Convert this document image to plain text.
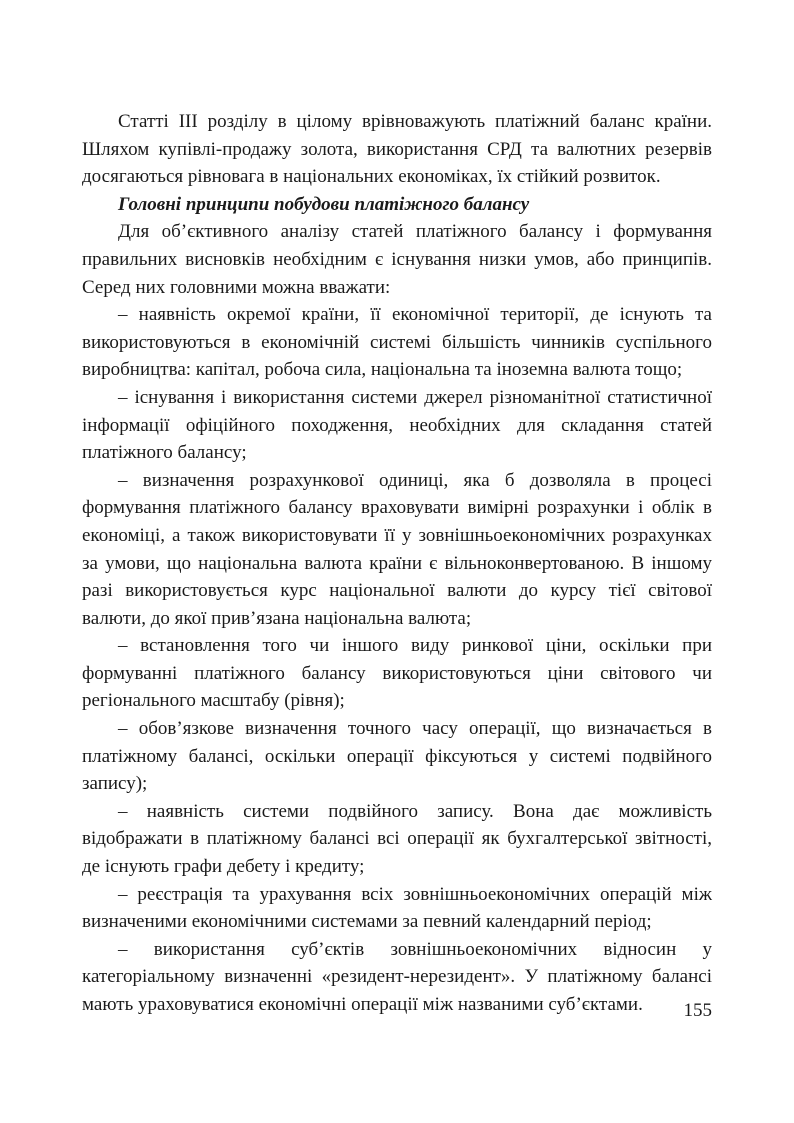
Статті III розділу в цілому врівноважують платіжний баланс країни. Шляхом купівлі-продажу золота, використання СРД та валютних резервів досягаються рівновага в національних економіках, їх стійкий розвиток.

Головні принципи побудови платіжного балансу

Для об’єктивного аналізу статей платіжного балансу і формування правильних висновків необхідним є існування низки умов, або принципів. Серед них головними можна вважати:

– наявність окремої країни, її економічної території, де існують та використовуються в економічній системі більшість чинників суспільного виробництва: капітал, робоча сила, національна та іноземна валюта тощо;

– існування і використання системи джерел різноманітної статистичної інформації офіційного походження, необхідних для складання статей платіжного балансу;

– визначення розрахункової одиниці, яка б дозволяла в процесі формування платіжного балансу враховувати вимірні розрахунки і облік в економіці, а також використовувати її у зовнішньоекономічних розрахунках за умови, що національна валюта країни є вільноконвертованою. В іншому разі використовується курс національної валюти до курсу тієї світової валюти, до якої прив’язана національна валюта;

– встановлення того чи іншого виду ринкової ціни, оскільки при формуванні платіжного балансу використовуються ціни світового чи регіонального масштабу (рівня);

– обов’язкове визначення точного часу операції, що визначається в платіжному балансі, оскільки операції фіксуються у системі подвійного запису);

– наявність системи подвійного запису. Вона дає можливість відображати в платіжному балансі всі операції як бухгалтерської звітності, де існують графи дебету і кредиту;

– реєстрація та урахування всіх зовнішньоекономічних операцій між визначеними економічними системами за певний календарний період;

– використання суб’єктів зовнішньоекономічних відносин у категоріальному визначенні «резидент-нерезидент». У платіжному балансі мають ураховуватися економічні операції між названими суб’єктами.	155
